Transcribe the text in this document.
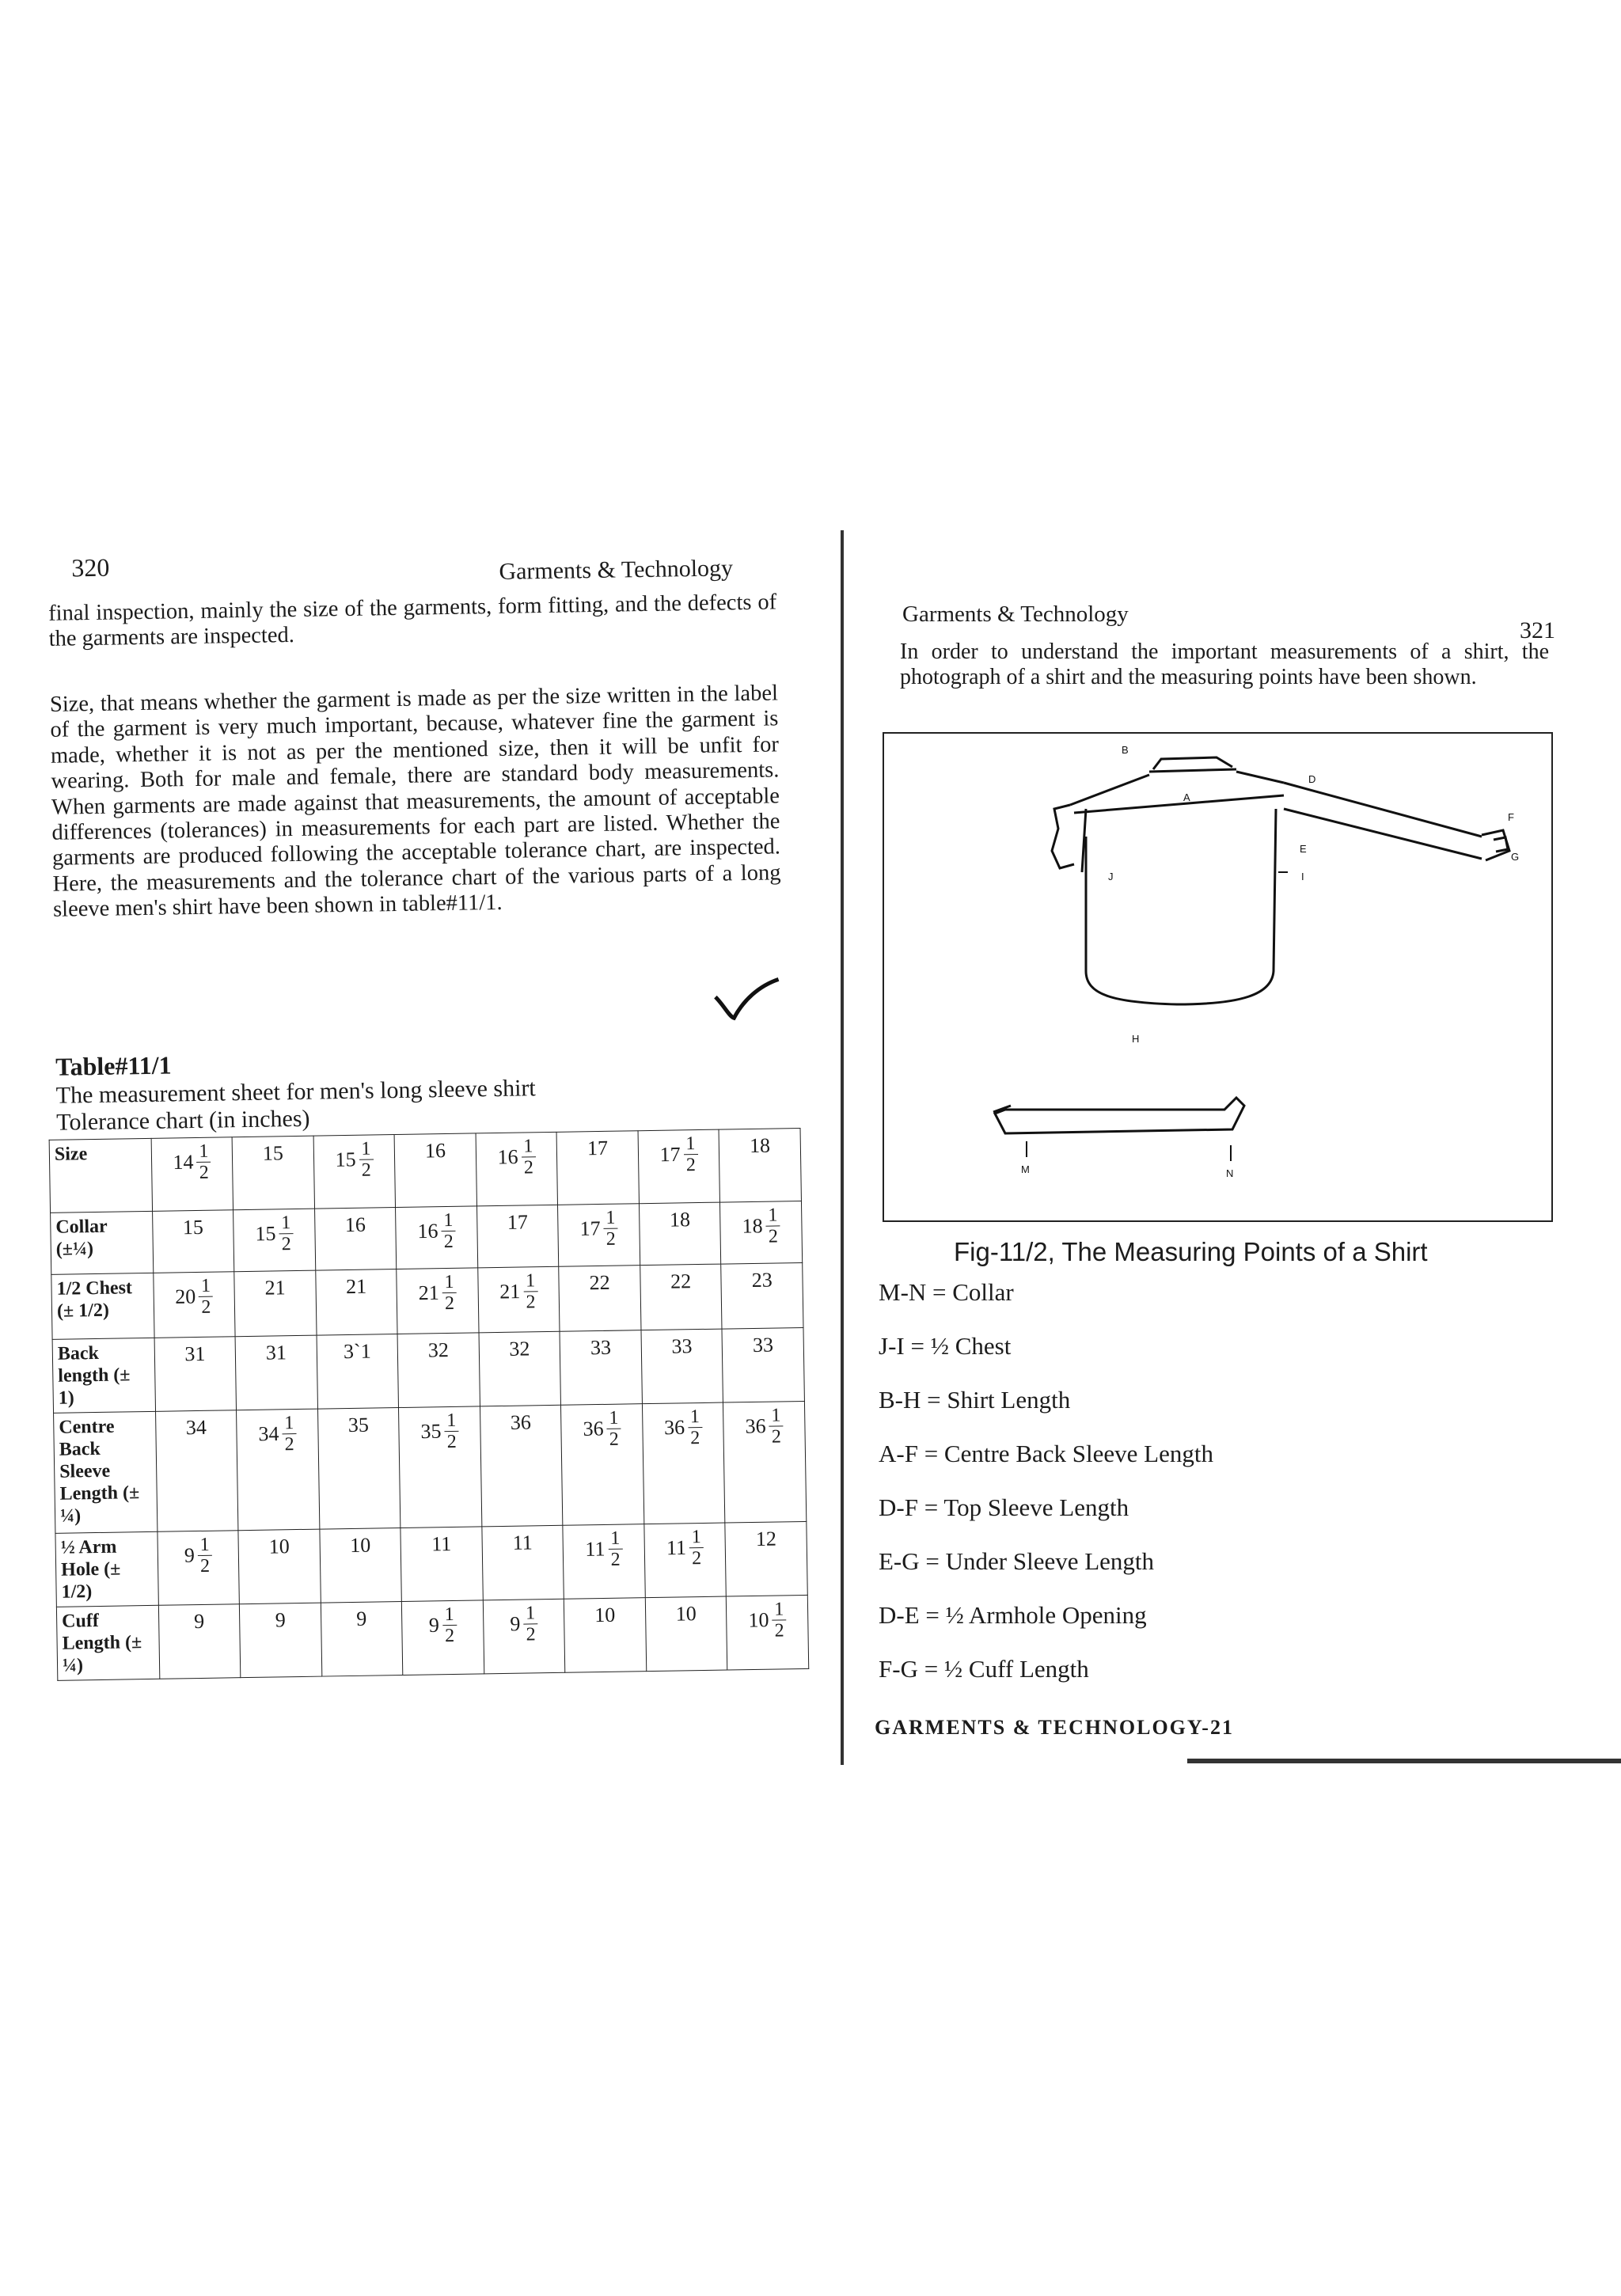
320	Garments & Technology
final inspection, mainly the size of the garments, form fitting, and the defects of the garments are inspected.
Size, that means whether the garment is made as per the size written in the label of the garment is very much important, because, whatever fine the garment is made, whether it is not as per the mentioned size, then it will be unfit for wearing. Both for male and female, there are standard body measurements. When garments are made against that measurements, the amount of acceptable differences (tolerances) in measurements for each part are listed. Whether the garments are produced following the acceptable tolerance chart, are inspected. Here, the measurements and the tolerance chart of the various parts of a long sleeve men's shirt have been shown in table#11/1.
Table#11/1
The measurement sheet for men's long sleeve shirt
Tolerance chart (in inches)
Size	$14 \frac{1}{2}$	15	$15 \frac{1}{2}$	16	$16 \frac{1}{2}$	17	$17 \frac{1}{2}$	18
Collar (±¼)	15	$15 \frac{1}{2}$	16	$16 \frac{1}{2}$	17	$17 \frac{1}{2}$	18	$18 \frac{1}{2}$

1/2 Chest (± 1/2)	$20 \frac{1}{2}$	21	21	$21 \frac{1}{2}$	$21 \frac{1}{2}$	22	22	23
Back length (± 1)	31	31	3`1	32	32	33	33	33
Centre Back Sleeve Length (± ¼)	34	$34 \frac{1}{2}$	35	$35 \frac{1}{2}$	36	$36 \frac{1}{2}$	$36 \frac{1}{2}$	$36 \frac{1}{2}$

½ Arm Hole (± 1/2)	$9 \frac{1}{2}$	10	10	11	11	$11 \frac{1}{2}$	$11 \frac{1}{2}$	12
Cuff Length (± ¼)	9	9	9	$9 \frac{1}{2}$	$9 \frac{1}{2}$	10	10	$10 \frac{1}{2}$
Garments & Technology
321
In order to understand the important measurements of a shirt, the photograph of a shirt and the measuring points have been shown.
B
A
D
E
F
G
I
J
H
M	N
Fig-11/2, The Measuring Points of a Shirt
M-N = Collar
J-I = ½ Chest
B-H = Shirt Length
A-F = Centre Back Sleeve Length
D-F = Top Sleeve Length
E-G = Under Sleeve Length
D-E = ½ Armhole Opening
F-G = ½ Cuff Length
GARMENTS & TECHNOLOGY-21
